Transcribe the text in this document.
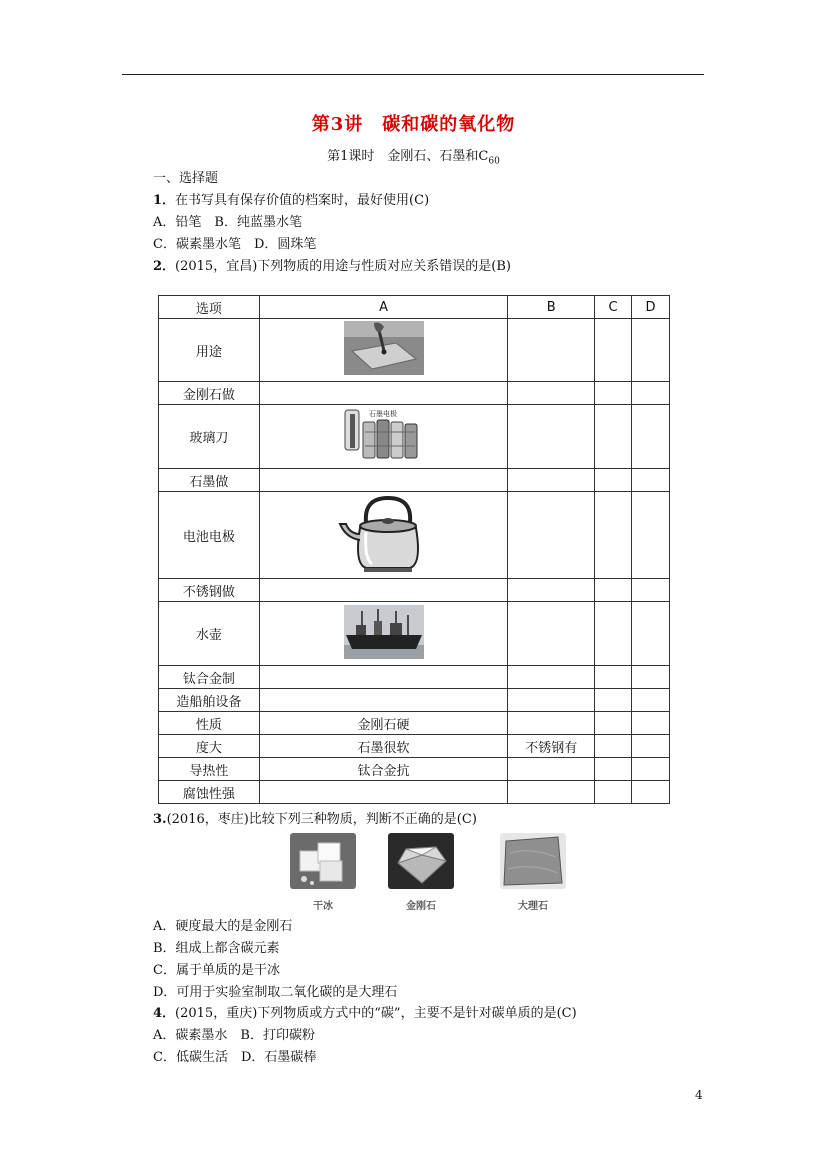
第3讲　碳和碳的氧化物
第1课时　金刚石、石墨和$C_{60}$
一、选择题
1．在书写具有保存价值的档案时，最好使用(C)
A．铅笔　B．纯蓝墨水笔
C．碳素墨水笔　D．圆珠笔
2．(2015，宜昌)下列物质的用途与性质对应关系错误的是(B)
选项	A	B	C	D
用途				
金刚石做				
玻璃刀	石墨电极			

石墨做				
电池电极				
不锈钢做				
水壶				
钛合金制				
造船舶设备				
性质	金刚石硬			
度大	石墨很软	不锈钢有		
导热性	钛合金抗			
腐蚀性强				
3.(2016，枣庄)比较下列三种物质，判断不正确的是(C)
干冰	金刚石	大理石
A．硬度最大的是金刚石
B．组成上都含碳元素
C．属于单质的是干冰
D．可用于实验室制取二氧化碳的是大理石
4．(2015，重庆)下列物质或方式中的“碳”，主要不是针对碳单质的是(C)
A．碳素墨水　B．打印碳粉
C．低碳生活　D．石墨碳棒
4
